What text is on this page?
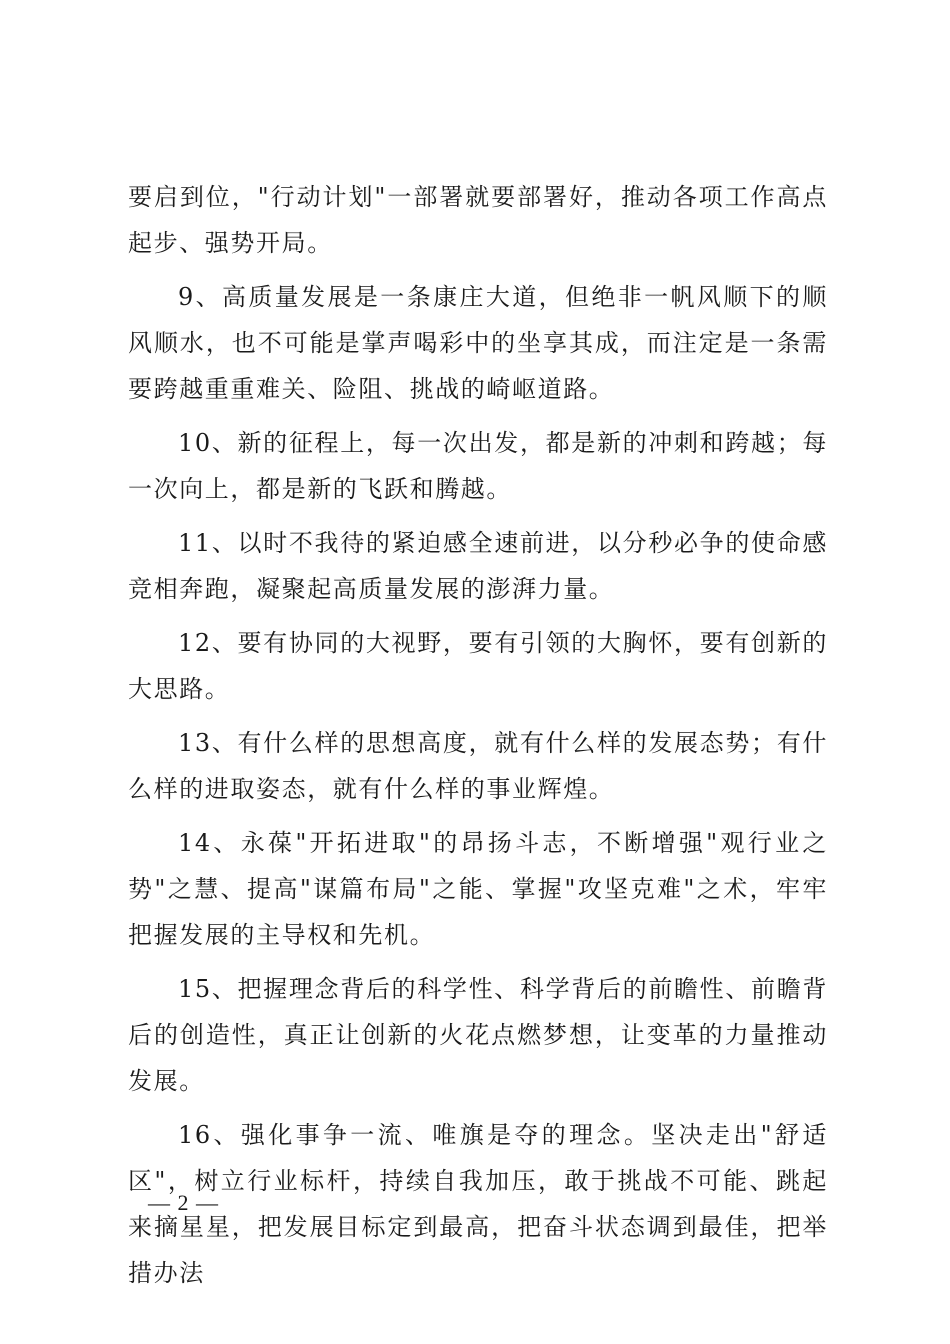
要启到位，"行动计划"一部署就要部署好，推动各项工作高点起步、强势开局。

9、高质量发展是一条康庄大道，但绝非一帆风顺下的顺风顺水，也不可能是掌声喝彩中的坐享其成，而注定是一条需要跨越重重难关、险阻、挑战的崎岖道路。

10、新的征程上，每一次出发，都是新的冲刺和跨越；每一次向上，都是新的飞跃和腾越。

11、以时不我待的紧迫感全速前进，以分秒必争的使命感竞相奔跑，凝聚起高质量发展的澎湃力量。

12、要有协同的大视野，要有引领的大胸怀，要有创新的大思路。

13、有什么样的思想高度，就有什么样的发展态势；有什么样的进取姿态，就有什么样的事业辉煌。

14、永葆"开拓进取"的昂扬斗志，不断增强"观行业之势"之慧、提高"谋篇布局"之能、掌握"攻坚克难"之术，牢牢把握发展的主导权和先机。

15、把握理念背后的科学性、科学背后的前瞻性、前瞻背后的创造性，真正让创新的火花点燃梦想，让变革的力量推动发展。

16、强化事争一流、唯旗是夺的理念。坚决走出"舒适区"，树立行业标杆，持续自我加压，敢于挑战不可能、跳起来摘星星，把发展目标定到最高，把奋斗状态调到最佳，把举措办法

— 2 —
